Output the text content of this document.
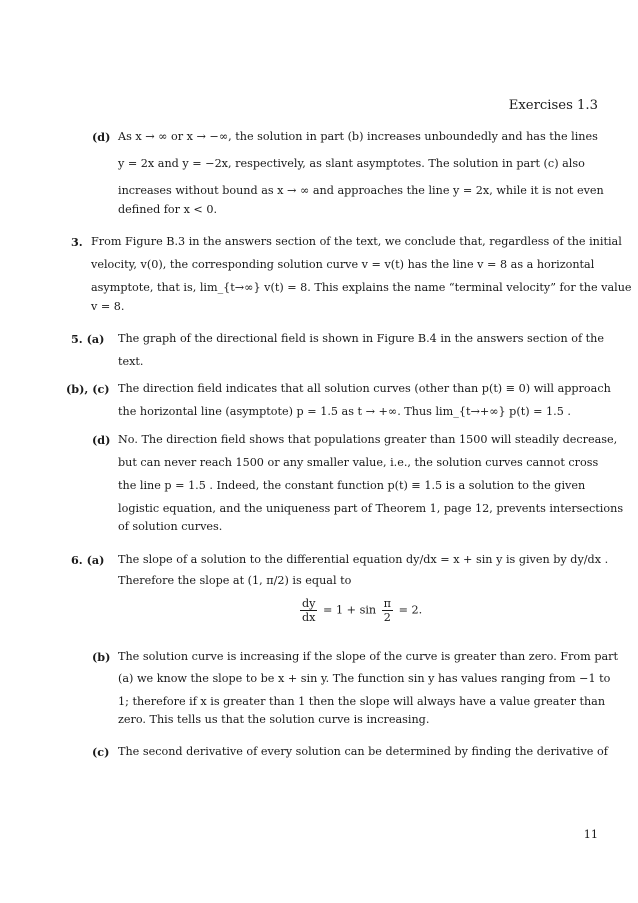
Exercises 1.3
(d) As x → ∞ or x → −∞, the solution in part (b) increases unboundedly and has the lines
y = 2x and y = −2x, respectively, as slant asymptotes. The solution in part (c) also
increases without bound as x → ∞ and approaches the line y = 2x, while it is not even
defined for x < 0.
3. From Figure B.3 in the answers section of the text, we conclude that, regardless of the initial
velocity, v(0), the corresponding solution curve v = v(t) has the line v = 8 as a horizontal
asymptote, that is, lim_{t→∞} v(t) = 8. This explains the name “terminal velocity” for the value
v = 8.
5. (a) The graph of the directional field is shown in Figure B.4 in the answers section of the
text.
(b), (c) The direction field indicates that all solution curves (other than p(t) ≡ 0) will approach
the horizontal line (asymptote) p = 1.5 as t → +∞. Thus lim_{t→+∞} p(t) = 1.5 .
(d) No. The direction field shows that populations greater than 1500 will steadily decrease,
but can never reach 1500 or any smaller value, i.e., the solution curves cannot cross
the line p = 1.5 . Indeed, the constant function p(t) ≡ 1.5 is a solution to the given
logistic equation, and the uniqueness part of Theorem 1, page 12, prevents intersections
of solution curves.
6. (a) The slope of a solution to the differential equation dy/dx = x + sin y is given by dy/dx .
Therefore the slope at (1, π/2) is equal to
$\frac{dy}{dx} = 1 + \sin \frac{\pi}{2} = 2$.
(b) The solution curve is increasing if the slope of the curve is greater than zero. From part
(a) we know the slope to be x + sin y. The function sin y has values ranging from −1 to
1; therefore if x is greater than 1 then the slope will always have a value greater than
zero. This tells us that the solution curve is increasing.
(c) The second derivative of every solution can be determined by finding the derivative of
11
